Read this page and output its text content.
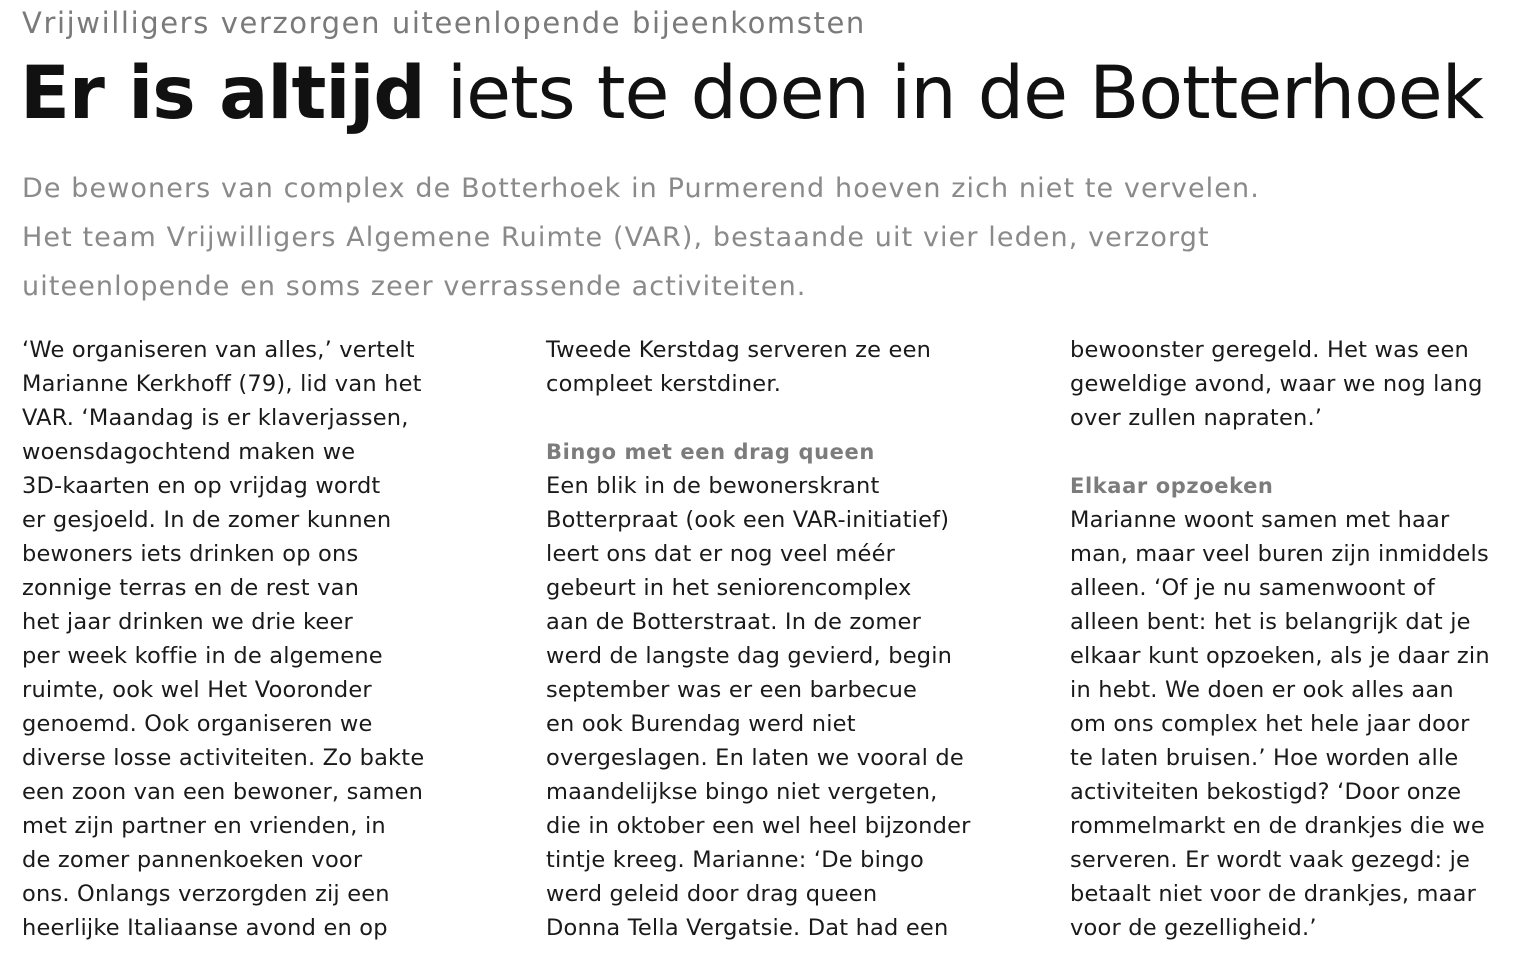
Vrijwilligers verzorgen uiteenlopende bijeenkomsten
Er is altijd iets te doen in de Botterhoek

De bewoners van complex de Botterhoek in Purmerend hoeven zich niet te vervelen.
Het team Vrijwilligers Algemene Ruimte (VAR), bestaande uit vier leden, verzorgt
uiteenlopende en soms zeer verrassende activiteiten.

‘We organiseren van alles,’ vertelt
Marianne Kerkhoff (79), lid van het
VAR. ‘Maandag is er klaverjassen,
woensdagochtend maken we
3D-kaarten en op vrijdag wordt
er gesjoeld. In de zomer kunnen
bewoners iets drinken op ons
zonnige terras en de rest van
het jaar drinken we drie keer
per week koffie in de algemene
ruimte, ook wel Het Vooronder
genoemd. Ook organiseren we
diverse losse activiteiten. Zo bakte
een zoon van een bewoner, samen
met zijn partner en vrienden, in
de zomer pannenkoeken voor
ons. Onlangs verzorgden zij een
heerlijke Italiaanse avond en op
Tweede Kerstdag serveren ze een
compleet kerstdiner.
Bingo met een drag queen
Een blik in de bewonerskrant
Botterpraat (ook een VAR-initiatief)
leert ons dat er nog veel méér
gebeurt in het seniorencomplex
aan de Botterstraat. In de zomer
werd de langste dag gevierd, begin
september was er een barbecue
en ook Burendag werd niet
overgeslagen. En laten we vooral de
maandelijkse bingo niet vergeten,
die in oktober een wel heel bijzonder
tintje kreeg. Marianne: ‘De bingo
werd geleid door drag queen
Donna Tella Vergatsie. Dat had een
bewoonster geregeld. Het was een
geweldige avond, waar we nog lang
over zullen napraten.’
Elkaar opzoeken
Marianne woont samen met haar
man, maar veel buren zijn inmiddels
alleen. ‘Of je nu samenwoont of
alleen bent: het is belangrijk dat je
elkaar kunt opzoeken, als je daar zin
in hebt. We doen er ook alles aan
om ons complex het hele jaar door
te laten bruisen.’ Hoe worden alle
activiteiten bekostigd? ‘Door onze
rommelmarkt en de drankjes die we
serveren. Er wordt vaak gezegd: je
betaalt niet voor de drankjes, maar
voor de gezelligheid.’
